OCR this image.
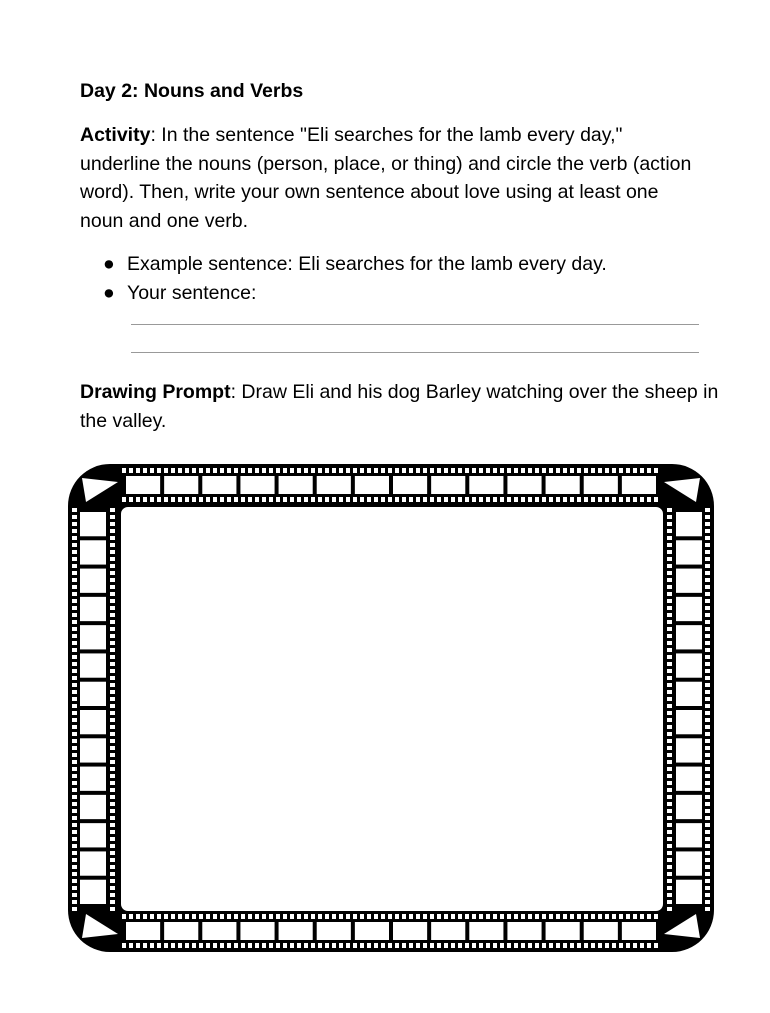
Day 2: Nouns and Verbs
Activity: In the sentence "Eli searches for the lamb every day," underline the nouns (person, place, or thing) and circle the verb (action word). Then, write your own sentence about love using at least one noun and one verb.
● Example sentence: Eli searches for the lamb every day.
● Your sentence:
Drawing Prompt: Draw Eli and his dog Barley watching over the sheep in the valley.
